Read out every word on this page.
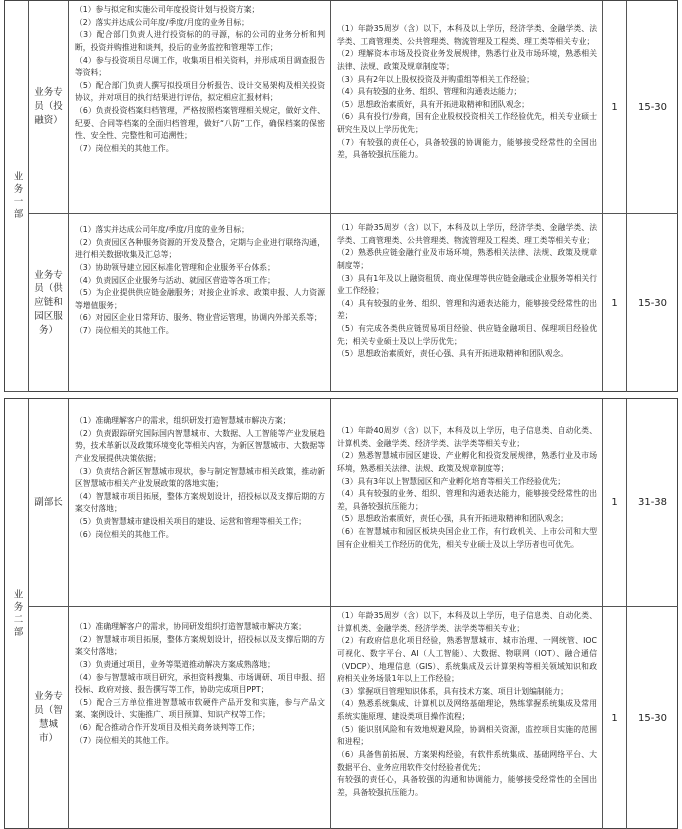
业务一部
业务专员（投融资）
（1）参与拟定和实施公司年度投资计划与投资方案；
（2）落实并达成公司年度/季度/月度的业务目标；
（3）配合部门负责人进行投资标的的寻源，标的公司的业务分析和判断，投资并购推进和谈判，投后的业务监控和管理等工作；
（4）参与投资项目尽调工作，收集项目相关资料，并形成项目调查报告等资料；
（5）配合部门负责人撰写拟投项目分析报告、设计交易架构及相关投资协议，并对项目的执行结果进行评估，拟定相应汇报材料；
（6）负责投资档案归档管理，严格按照档案管理相关规定，做好文件、纪要、合同等档案的全面归档管理，做好“八防”工作，确保档案的保密性、安全性、完整性和可追溯性；
（7）岗位相关的其他工作。
（1）年龄35周岁（含）以下，本科及以上学历，经济学类、金融学类、法学类、工商管理类、公共管理类、物流管理及工程类、理工类等相关专业；
（2）理解资本市场及投资业务发展规律，熟悉行业及市场环境，熟悉相关法律、法规、政策及规章制度等；
（3）具有2年以上股权投资及并购重组等相关工作经验；
（4）具有较强的业务、组织、管理和沟通表达能力；
（5）思想政治素质好，具有开拓进取精神和团队观念；
（6）具有投行/券商，国有企业股权投资相关工作经验优先，相关专业硕士研究生及以上学历优先；
（7）有较强的责任心，具备较强的协调能力，能够接受经常性的全国出差，具备较强抗压能力。
1 15-30
业务专员（供应链和园区服务）
（1）落实并达成公司年度/季度/月度的业务目标；
（2）负责园区各种服务资源的开发及整合，定期与企业进行联络沟通，进行相关数据收集及汇总等；
（3）协助领导建立园区标准化管理和企业服务平台体系；
（4）负责园区企业服务与活动、就园区营造等各项工作；
（5）为企业提供供应链金融服务；对接企业诉求、政策申报、人力资源等增值服务；
（6）对园区企业日常拜访、服务、物业营运管理，协调内外部关系等；
（7）岗位相关的其他工作。
（1）年龄35周岁（含）以下，本科及以上学历，经济学类、金融学类、法学类、工商管理类、公共管理类、物流管理及工程类、理工类等相关专业；
（2）熟悉供应链金融行业及市场环境，熟悉相关法律、法规、政策及规章制度等；
（3）具有1年及以上融资租赁、商业保理等供应链金融或企业服务等相关行业工作经验；
（4）具有较强的业务、组织、管理和沟通表达能力，能够接受经常性的出差；
（5）有完成各类供应链贸易项目经验、供应链金融项目、保理项目经验优先；相关专业硕士及以上学历优先；
（5）思想政治素质好，责任心强、具有开拓进取精神和团队观念。
1 15-30
业务二部
副部长
（1）准确理解客户的需求，组织研发打造智慧城市解决方案；
（2）负责跟踪研究国际国内智慧城市、大数据、人工智能等产业发展趋势，技术革新以及政策环境变化等相关内容，为新区智慧城市、大数据等产业发展提供决策依据；
（3）负责结合新区智慧城市现状，参与制定智慧城市相关政策，推动新区智慧城市相关产业发展政策的落地实施；
（4）智慧城市项目拓展，整体方案规划设计，招投标以及支撑后期的方案交付落地；
（5）负责智慧城市建设相关项目的建设、运营和管理等相关工作；
（6）岗位相关的其他工作。
（1）年龄40周岁（含）以下，本科及以上学历，电子信息类、自动化类、计算机类、金融学类、经济学类、法学类等相关专业；
（2）熟悉智慧城市园区建设、产业孵化和投资发展规律，熟悉行业及市场环境，熟悉相关法律、法规、政策及规章制度等；
（3）具有3年以上智慧园区和产业孵化培育等相关工作经验优先；
（4）具有较强的业务、组织、管理和沟通表达能力，能够接受经常性的出差，具备较强抗压能力；
（5）思想政治素质好，责任心强，具有开拓进取精神和团队观念；
（6）在智慧城市和园区板块央国企业工作，有行政机关、上市公司和大型国有企业相关工作经历的优先，相关专业硕士及以上学历者也可优先。
1 31-38
业务专员（智慧城市）
（1）准确理解客户的需求，协同研发组织打造智慧城市解决方案；
（2）智慧城市项目拓展，整体方案规划设计，招投标以及支撑后期的方案交付落地；
（3）负责通过项目，业务等渠道推动解决方案成熟落地；
（4）参与智慧城市项目研究，承担资料搜集、市场调研、项目申报、招投标、政府对接、报告撰写等工作，协助完成项目PPT；
（5）配合三方单位推进智慧城市软硬件产品开发和实施，参与产品文案、案例设计、实施推广、项目预算、知识产权等工作；
（6）配合推动合作开发项目及相关商务谈判等工作；
（7）岗位相关的其他工作。
（1）年龄35周岁（含）以下，本科及以上学历，电子信息类、自动化类、计算机类、金融学类、经济学类、法学类等相关专业；
（2）有政府信息化项目经验，熟悉智慧城市、城市治理、一网统管、IOC可视化、数字平台、AI（人工智能）、大数据、物联网（IOT）、融合通信（VDCP）、地理信息（GIS）、系统集成及云计算架构等相关领域知识和政府相关业务场景1年以上工作经验；
（3）掌握项目管理知识体系，具有技术方案、项目计划编制能力；
（4）熟悉系统集成、计算机以及网络基础理论，熟练掌握系统集成及常用系统实施原理、建设类项目操作流程；
（5）能识别风险和有效地规避风险，协调相关资源，监控项目实施的范围和进程；
（6）具备售前拓展、方案架构经验，有软件系统集成、基础网络平台、大数据平台、业务应用软件交付经验者优先；
有较强的责任心，具备较强的沟通和协调能力，能够接受经常性的全国出差，具备较强抗压能力。
1 15-30
